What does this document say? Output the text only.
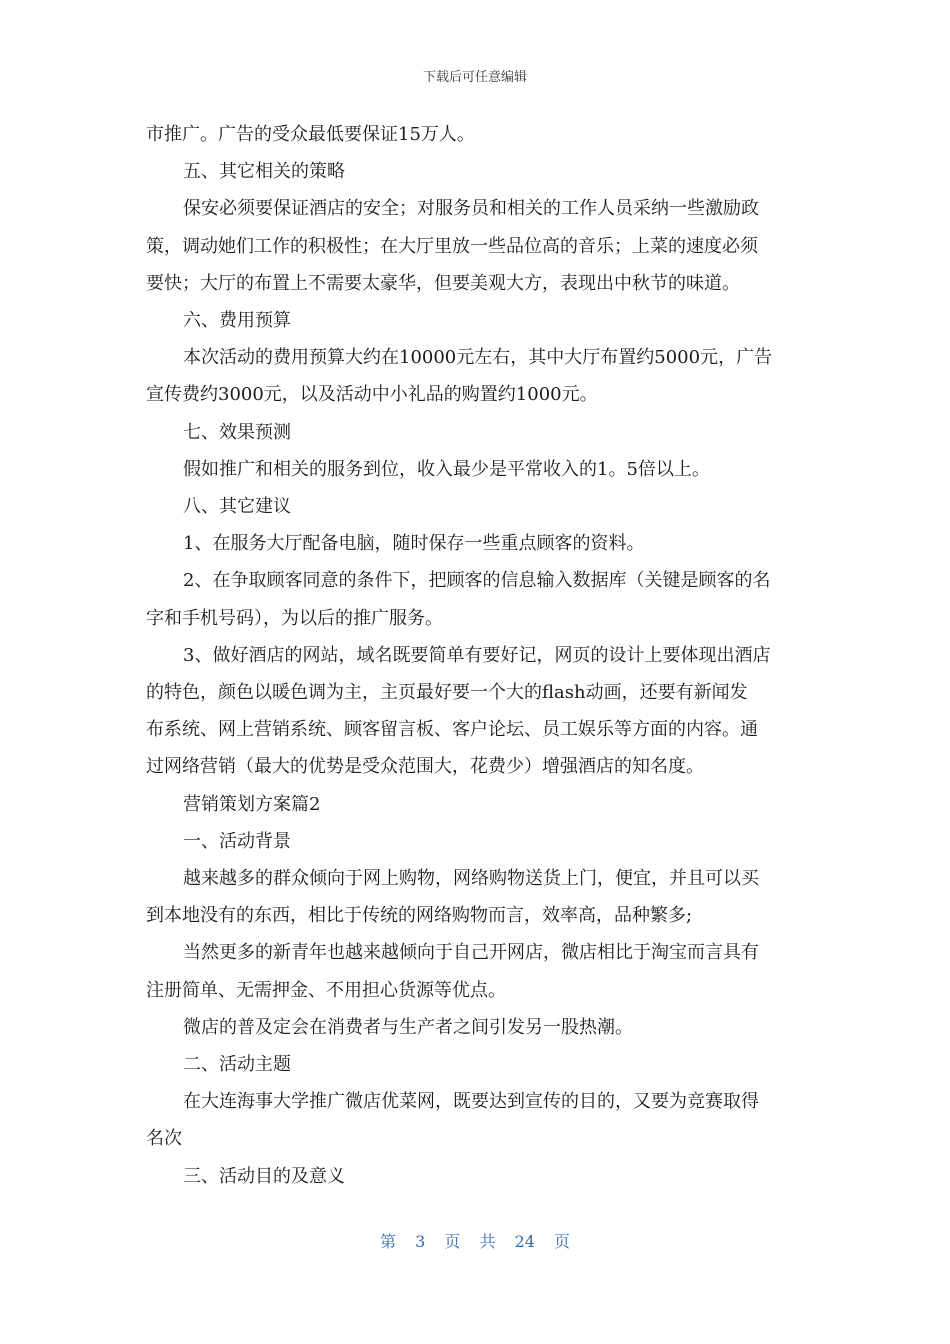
下载后可任意编辑

市推广。广告的受众最低要保证15万人。

五、其它相关的策略

保安必须要保证酒店的安全；对服务员和相关的工作人员采纳一些激励政

策，调动她们工作的积极性；在大厅里放一些品位高的音乐；上菜的速度必须

要快；大厅的布置上不需要太豪华，但要美观大方，表现出中秋节的味道。

六、费用预算

本次活动的费用预算大约在10000元左右，其中大厅布置约5000元，广告

宣传费约3000元，以及活动中小礼品的购置约1000元。

七、效果预测

假如推广和相关的服务到位，收入最少是平常收入的1。5倍以上。

八、其它建议

1、在服务大厅配备电脑，随时保存一些重点顾客的资料。

2、在争取顾客同意的条件下，把顾客的信息输入数据库（关键是顾客的名

字和手机号码），为以后的推广服务。

3、做好酒店的网站，域名既要简单有要好记，网页的设计上要体现出酒店

的特色，颜色以暖色调为主，主页最好要一个大的flash动画，还要有新闻发

布系统、网上营销系统、顾客留言板、客户论坛、员工娱乐等方面的内容。通

过网络营销（最大的优势是受众范围大，花费少）增强酒店的知名度。

营销策划方案篇2

一、活动背景

越来越多的群众倾向于网上购物，网络购物送货上门，便宜，并且可以买

到本地没有的东西，相比于传统的网络购物而言，效率高，品种繁多;

当然更多的新青年也越来越倾向于自己开网店，微店相比于淘宝而言具有

注册简单、无需押金、不用担心货源等优点。

微店的普及定会在消费者与生产者之间引发另一股热潮。

二、活动主题

在大连海事大学推广微店优菜网，既要达到宣传的目的，又要为竞赛取得

名次

三、活动目的及意义

第 3 页 共 24 页
